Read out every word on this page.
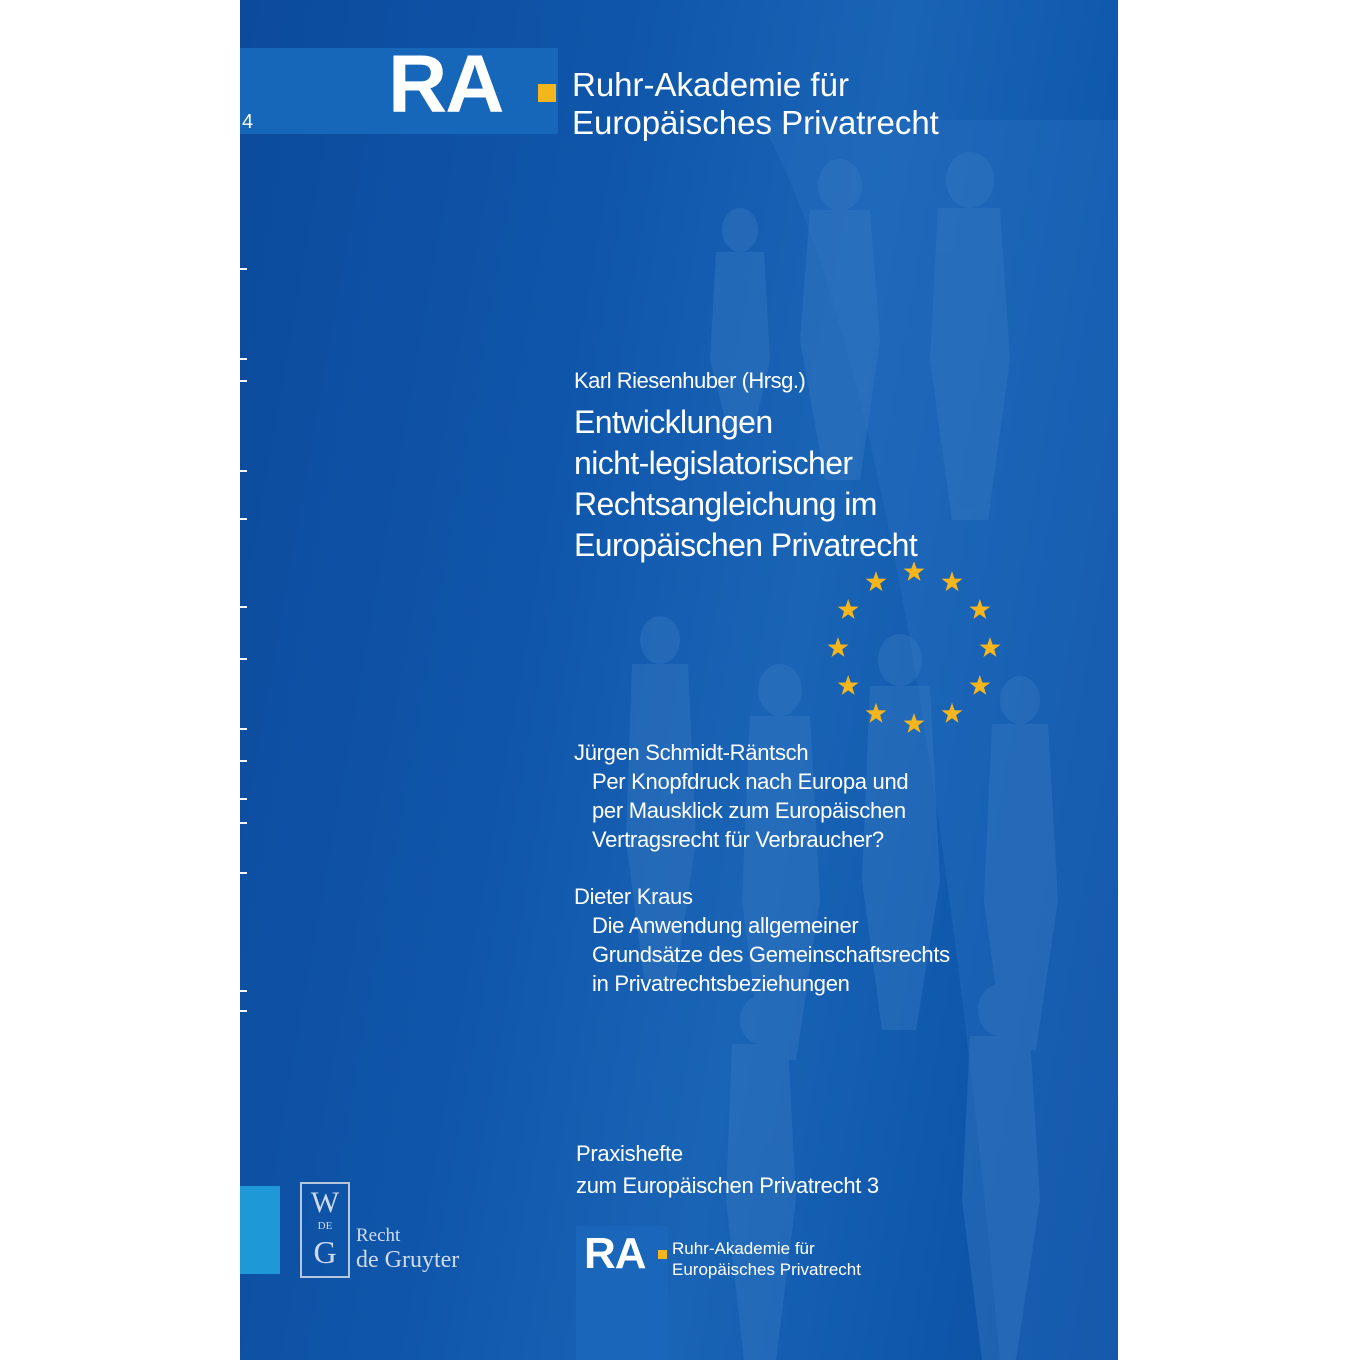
RA Ruhr-Akademie für
Europäisches Privatrecht
4
Karl Riesenhuber (Hrsg.)
Entwicklungen
nicht-legislatorischer
Rechtsangleichung im
Europäischen Privatrecht
Jürgen Schmidt-Räntsch
Per Knopfdruck nach Europa und
per Mausklick zum Europäischen
Vertragsrecht für Verbraucher?
Dieter Kraus
Die Anwendung allgemeiner
Grundsätze des Gemeinschaftsrechts
in Privatrechtsbeziehungen
Praxishefte
zum Europäischen Privatrecht 3
W
DE
G	Recht
de Gruyter	RA Ruhr-Akademie für
Europäisches Privatrecht
